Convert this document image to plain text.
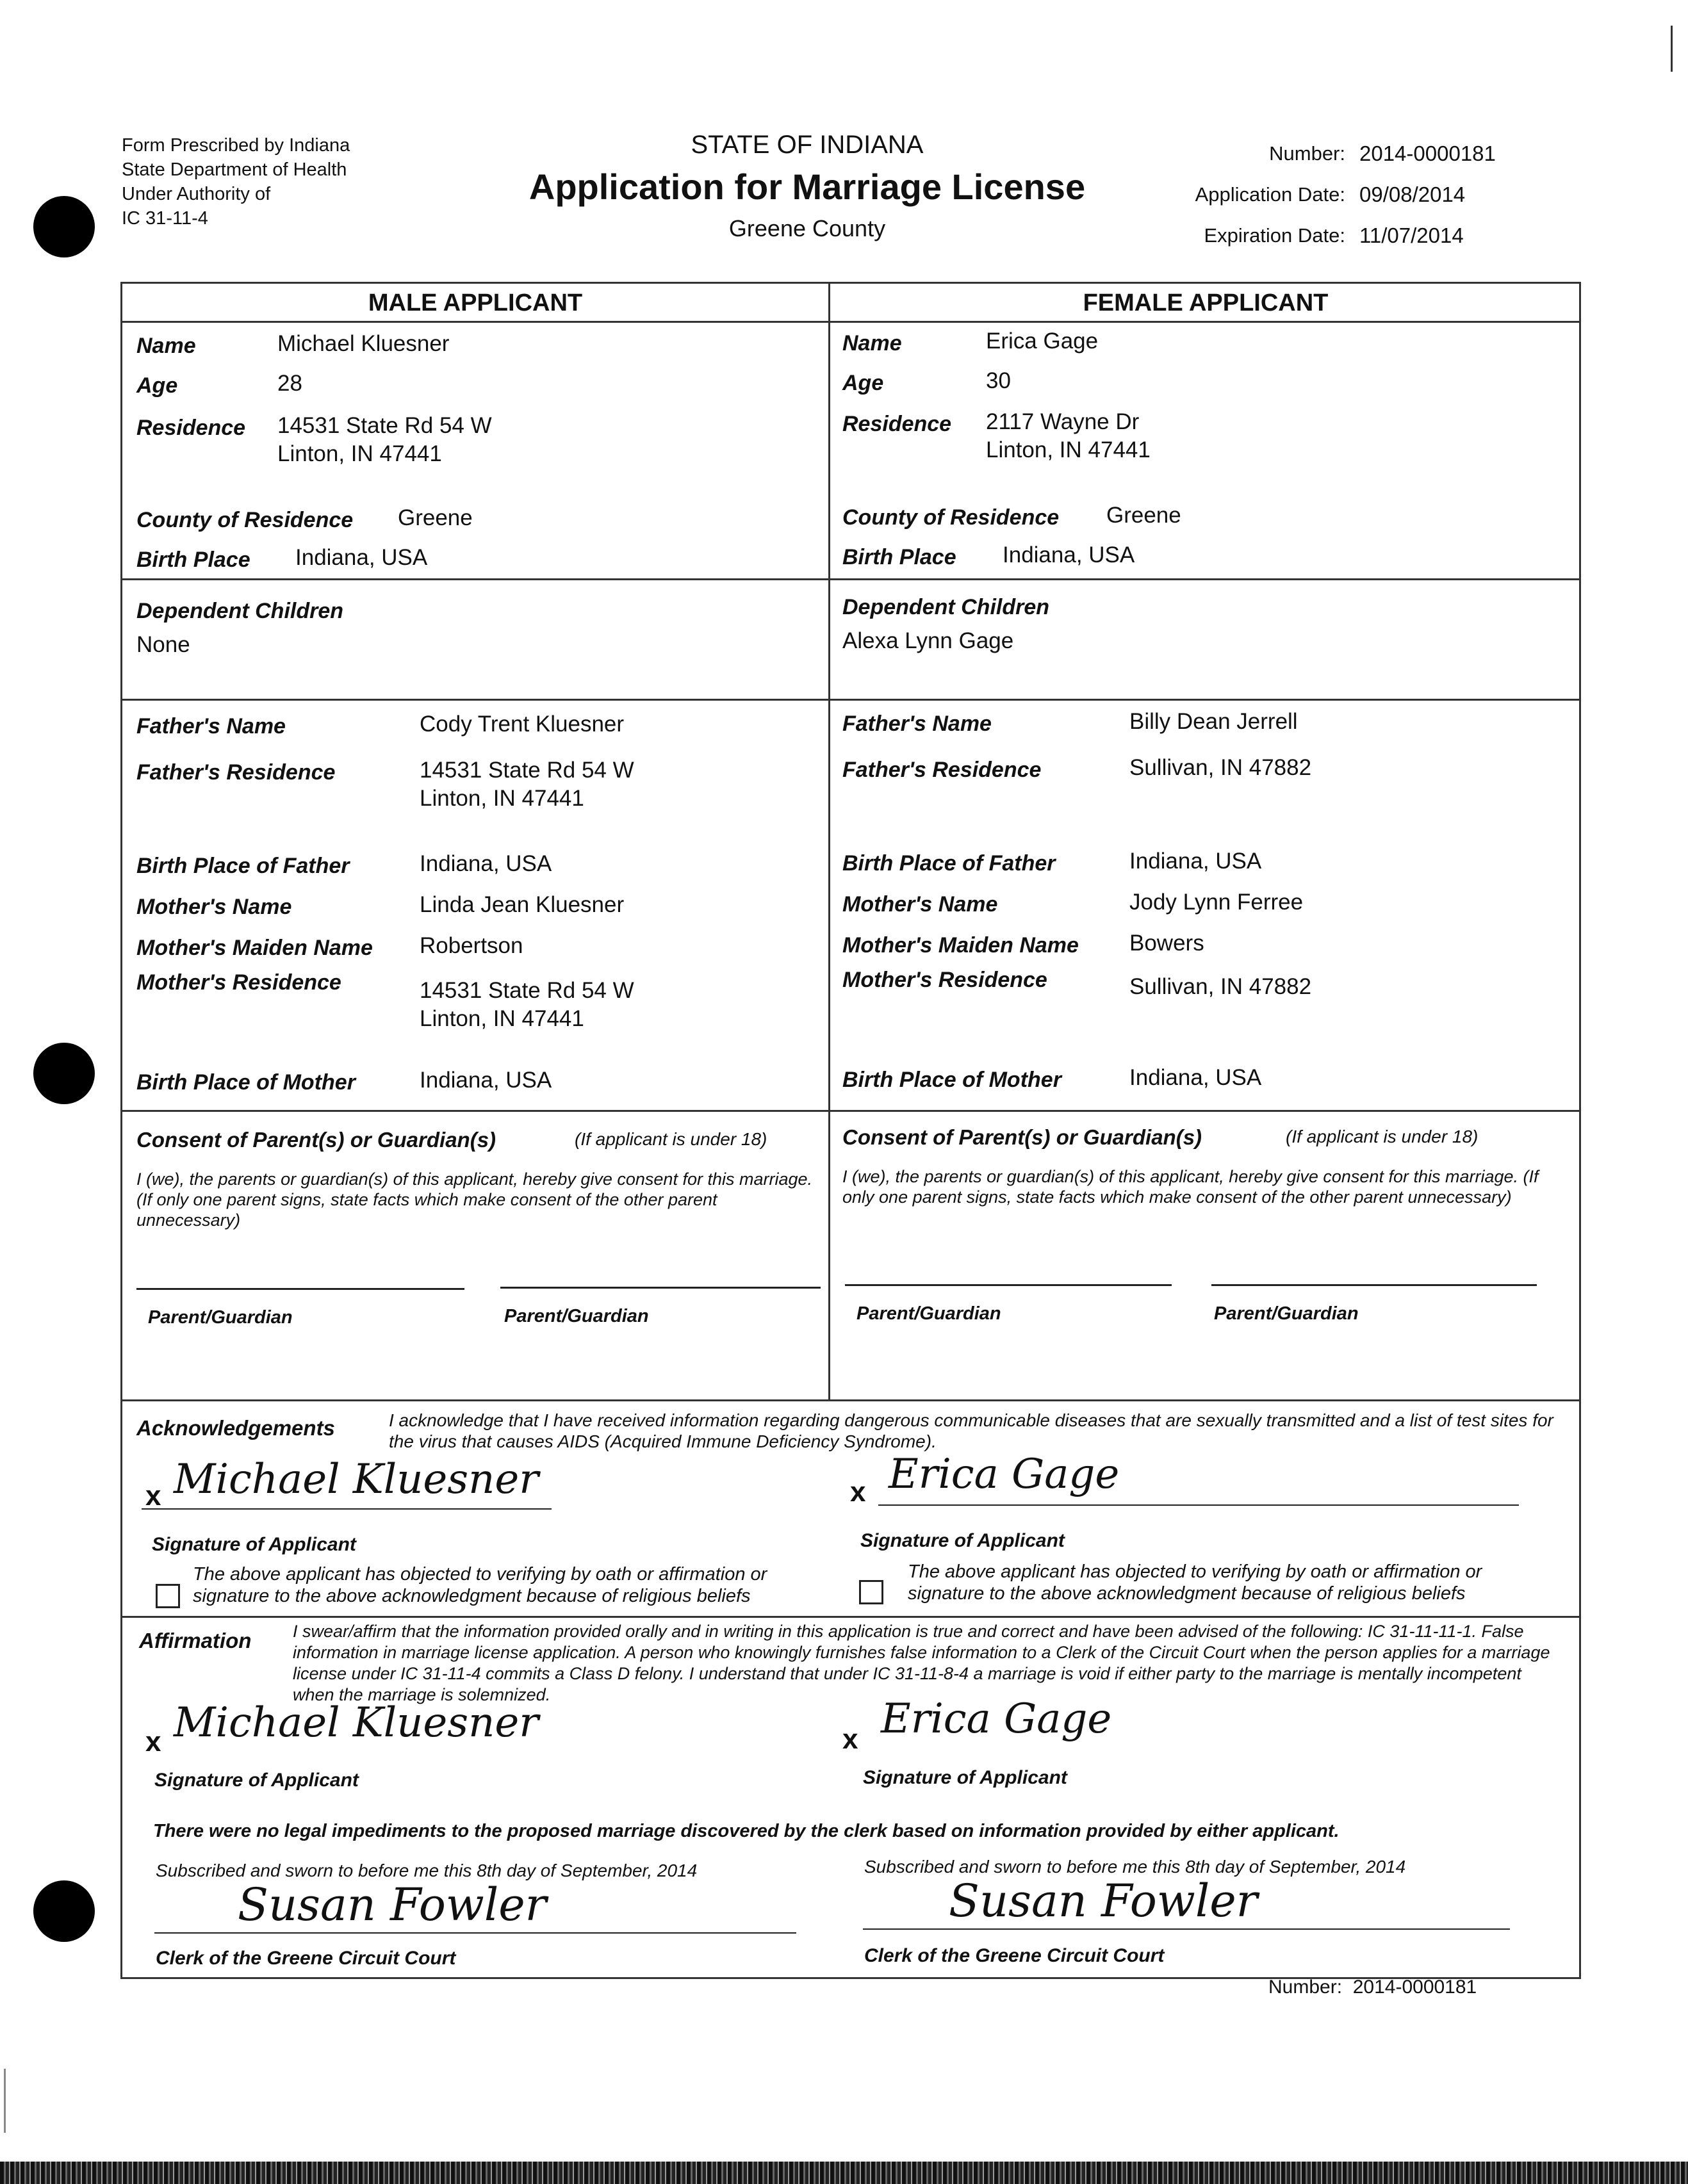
Form Prescribed by Indiana
State Department of Health
Under Authority of
IC 31-11-4
STATE OF INDIANA
Application for Marriage License
Greene County
Number: 2014-0000181
Application Date: 09/08/2014
Expiration Date: 11/07/2014
MALE APPLICANT	FEMALE APPLICANT
Name	Michael Kluesner
Age	28
Residence 14531 State Rd 54 W
Linton, IN 47441
County of Residence Greene
Birth Place Indiana, USA
Dependent Children
None
Father's Name	Cody Trent Kluesner
Father's Residence	14531 State Rd 54 W
Linton, IN 47441
Birth Place of Father	Indiana, USA
Mother's Name	Linda Jean Kluesner
Mother's Maiden Name Robertson
Mother's Residence	14531 State Rd 54 W
Linton, IN 47441
Birth Place of Mother	Indiana, USA
Name	Erica Gage
Age	30
Residence 2117 Wayne Dr
Linton, IN 47441
County of Residence Greene
Birth Place Indiana, USA
Dependent Children
Alexa Lynn Gage
Father's Name	Billy Dean Jerrell
Father's Residence	Sullivan, IN 47882
Birth Place of Father	Indiana, USA
Mother's Name	Jody Lynn Ferree
Mother's Maiden Name Bowers
Mother's Residence	Sullivan, IN 47882
Birth Place of Mother	Indiana, USA
Consent of Parent(s) or Guardian(s)	(If applicant is under 18)
I (we), the parents or guardian(s) of this applicant, hereby give consent for this marriage. (If only one parent signs, state facts which make consent of the other parent unnecessary)
Parent/Guardian	Parent/Guardian
Consent of Parent(s) or Guardian(s)	(If applicant is under 18)
I (we), the parents or guardian(s) of this applicant, hereby give consent for this marriage. (If only one parent signs, state facts which make consent of the other parent unnecessary)
Parent/Guardian	Parent/Guardian
Acknowledgements	I acknowledge that I have received information regarding dangerous communicable diseases that are sexually transmitted and a list of test sites for the virus that causes AIDS (Acquired Immune Deficiency Syndrome).
x Michael Kluesner
Signature of Applicant
The above applicant has objected to verifying by oath or affirmation or signature to the above acknowledgment because of religious beliefs
x Erica Gage
Signature of Applicant
The above applicant has objected to verifying by oath or affirmation or signature to the above acknowledgment because of religious beliefs
Affirmation I swear/affirm that the information provided orally and in writing in this application is true and correct and have been advised of the following: IC 31-11-11-1. False information in marriage license application. A person who knowingly furnishes false information to a Clerk of the Circuit Court when the person applies for a marriage license under IC 31-11-4 commits a Class D felony. I understand that under IC 31-11-8-4 a marriage is void if either party to the marriage is mentally incompetent when the marriage is solemnized.
x Michael Kluesner
Signature of Applicant
x Erica Gage
Signature of Applicant
There were no legal impediments to the proposed marriage discovered by the clerk based on information provided by either applicant.
Subscribed and sworn to before me this 8th day of September, 2014
Susan Fowler
Clerk of the Greene Circuit Court
Subscribed and sworn to before me this 8th day of September, 2014
Susan Fowler
Clerk of the Greene Circuit Court
Number: 2014-0000181
